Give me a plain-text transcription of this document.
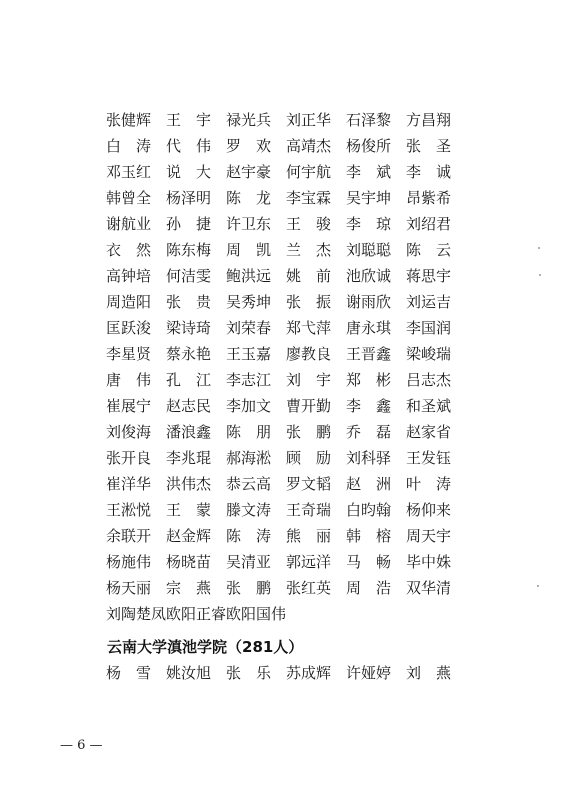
张健辉 王宇 禄光兵 刘正华 石泽黎 方昌翔
白涛 代伟 罗欢 高靖杰 杨俊所 张圣
邓玉红 说大 赵宇豪 何宇航 李斌 李诚
韩曾全 杨泽明 陈龙 李宝霖 吴宇坤 昂紫希
谢航业 孙捷 许卫东 王骏 李琼 刘绍君
衣然 陈东梅 周凯 兰杰 刘聪聪 陈云
高钟培 何洁雯 鲍洪远 姚前 池欣诚 蒋思宇
周造阳 张贵 吴秀坤 张振 谢雨欣 刘运吉
匡跃浚 梁诗琦 刘荣春 郑弋萍 唐永琪 李国润
李星贤 蔡永艳 王玉嘉 廖教良 王晋鑫 梁峻瑞
唐伟 孔江 李志江 刘宇 郑彬 吕志杰
崔展宁 赵志民 李加文 曹开勤 李鑫 和圣斌
刘俊海 潘浪鑫 陈朋 张鹏 乔磊 赵家省
张开良 李兆琨 郝海淞 顾励 刘科驿 王发钰
崔洋华 洪伟杰 恭云高 罗文韬 赵洲 叶涛
王淞悦 王蒙 滕文涛 王奇瑞 白昀翰 杨仰来
余联开 赵金辉 陈涛 熊丽 韩榕 周天宇
杨施伟 杨晓苗 吴清亚 郭远洋 马畅 毕中姝
杨天丽 宗燕 张鹏 张红英 周浩 双华清
刘陶楚凤 欧阳正睿 欧阳国伟
云南大学滇池学院（281人）
杨雪 姚汝旭 张乐 苏成辉 许娅婷 刘燕
— 6 —
